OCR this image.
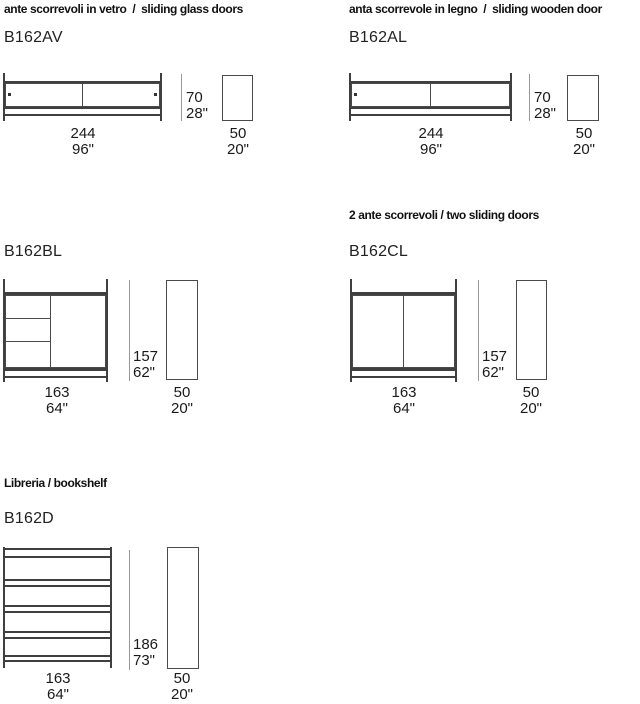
ante scorrevoli in vetro  /  sliding glass doors
B162AV
70
28"
244
96"
50
20"
anta scorrevole in legno  /  sliding wooden door
B162AL
70
28"
244
96"
50
20"
B162BL
157
62"
163
64"
50
20"
2 ante scorrevoli / two sliding doors
B162CL
157
62"
163
64"
50
20"
Libreria / bookshelf
B162D
186
73"
163
64"
50
20"
